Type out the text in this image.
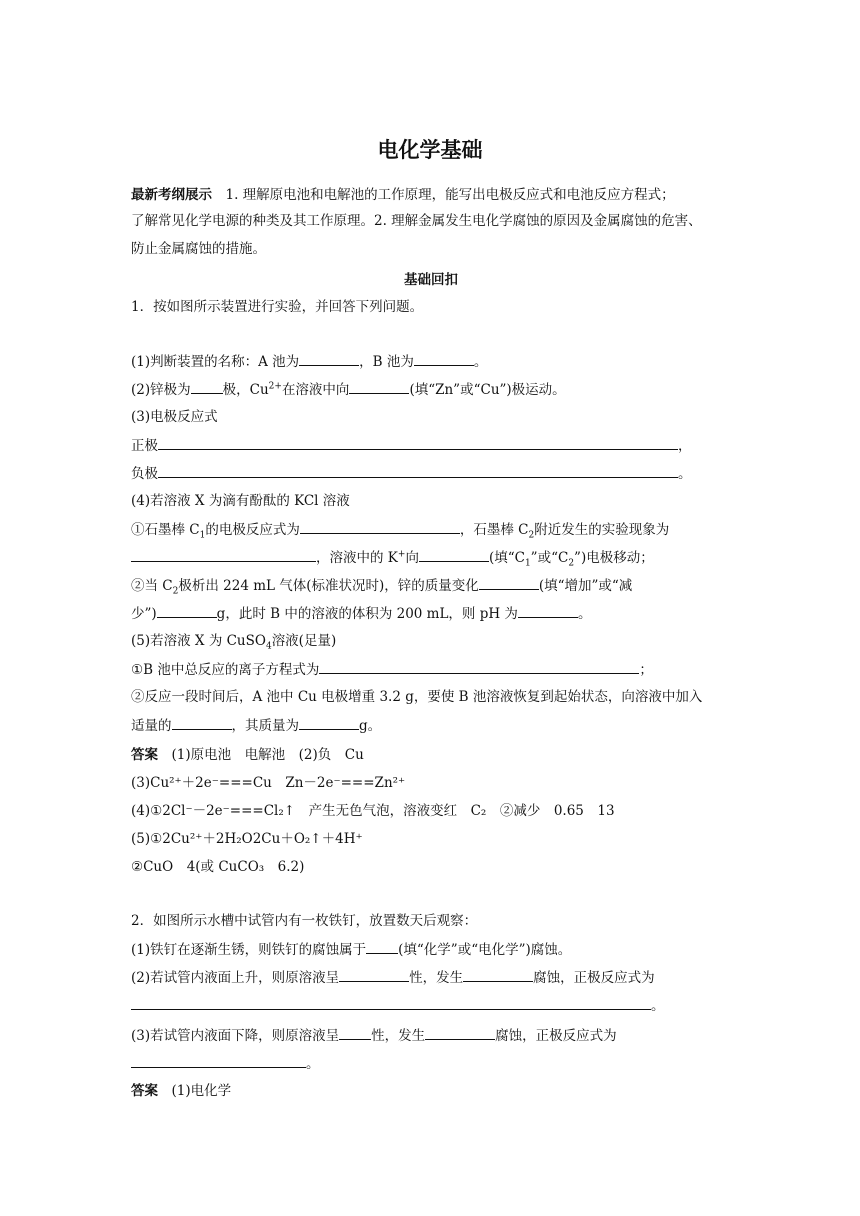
电化学基础
最新考纲展示　 1. 理解原电池和电解池的工作原理，能写出电极反应式和电池反应方程式；
了解常见化学电源的种类及其工作原理。2. 理解金属发生电化学腐蚀的原因及金属腐蚀的危害、
防止金属腐蚀的措施。
基础回扣
1．按如图所示装置进行实验，并回答下列问题。
(1)判断装置的名称：A 池为	，B 池为	。
(2)锌极为 极，$Cu^{2+}$在溶液中向	(填“Zn”或“Cu”)极运动。
(3)电极反应式
正极	，
负极	。
(4)若溶液 X 为滴有酚酞的 KCl 溶液
①石墨棒 $C_1$的电极反应式为	，石墨棒 $C_2$附近发生的实验现象为
，溶液中的 K+向	(填“$C_1$”或“$C_2$”)电极移动；
②当 $C_2$极析出 224 mL 气体(标准状况时)，锌的质量变化	(填“增加”或“减
少”)	g，此时 B 中的溶液的体积为 200 mL，则 pH 为	。
(5)若溶液 X 为 CuSO$_4$溶液(足量)
①B 池中总反应的离子方程式为	；
②反应一段时间后，A 池中 Cu 电极增重 3.2 g，要使 B 池溶液恢复到起始状态，向溶液中加入
适量的	，其质量为	g。
答案　 (1)原电池　电解池　(2)负　Cu
(3)Cu²⁺＋2e⁻===Cu　Zn－2e⁻===Zn²⁺
(4)①2Cl⁻－2e⁻===Cl₂↑　产生无色气泡，溶液变红　C₂　②减少　0.65　13
(5)①2Cu²⁺＋2H₂O2Cu＋O₂↑＋4H⁺
②CuO　4(或 CuCO₃　6.2)
2．如图所示水槽中试管内有一枚铁钉，放置数天后观察：
(1)铁钉在逐渐生锈，则铁钉的腐蚀属于 (填“化学”或“电化学”)腐蚀。
(2)若试管内液面上升，则原溶液呈	性，发生	腐蚀，正极反应式为
。
(3)若试管内液面下降，则原溶液呈 性，发生	腐蚀，正极反应式为
。
答案　 (1)电化学
